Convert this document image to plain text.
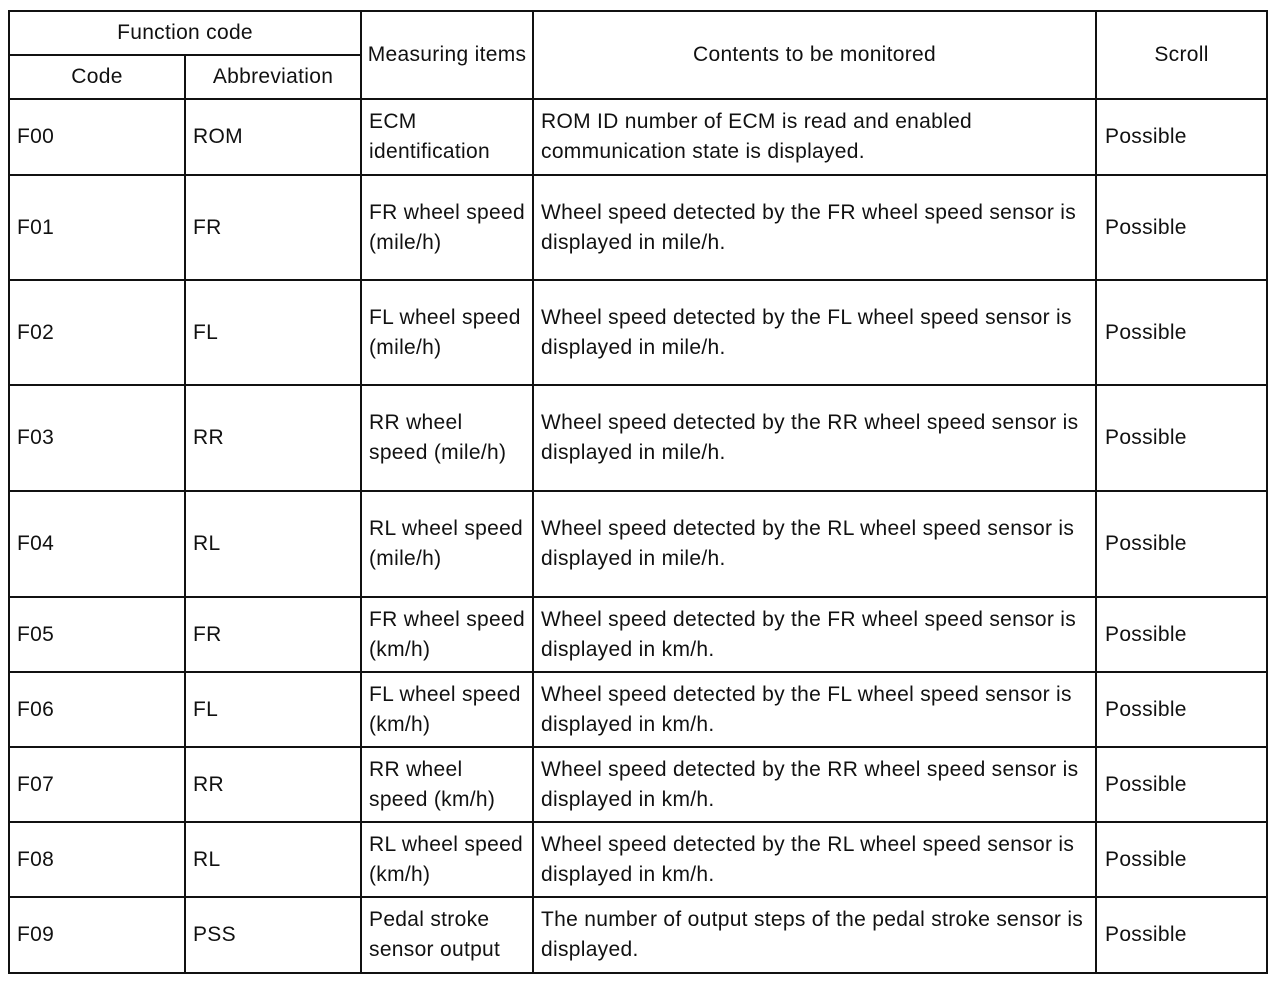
Function code		Measuring items	Contents to be monitored	Scroll
Code	Abbreviation			
F00	ROM	ECM identification	ROM ID number of ECM is read and enabled communication state is displayed.	Possible
F01	FR	FR wheel speed (mile/h)	Wheel speed detected by the FR wheel speed sensor is displayed in mile/h.	Possible
F02	FL	FL wheel speed (mile/h)	Wheel speed detected by the FL wheel speed sensor is displayed in mile/h.	Possible
F03	RR	RR wheel speed (mile/h)	Wheel speed detected by the RR wheel speed sensor is displayed in mile/h.	Possible
F04	RL	RL wheel speed (mile/h)	Wheel speed detected by the RL wheel speed sensor is displayed in mile/h.	Possible
F05	FR	FR wheel speed (km/h)	Wheel speed detected by the FR wheel speed sensor is displayed in km/h.	Possible
F06	FL	FL wheel speed (km/h)	Wheel speed detected by the FL wheel speed sensor is displayed in km/h.	Possible
F07	RR	RR wheel speed (km/h)	Wheel speed detected by the RR wheel speed sensor is displayed in km/h.	Possible
F08	RL	RL wheel speed (km/h)	Wheel speed detected by the RL wheel speed sensor is displayed in km/h.	Possible
F09	PSS	Pedal stroke sensor output	The number of output steps of the pedal stroke sensor is displayed.	Possible
